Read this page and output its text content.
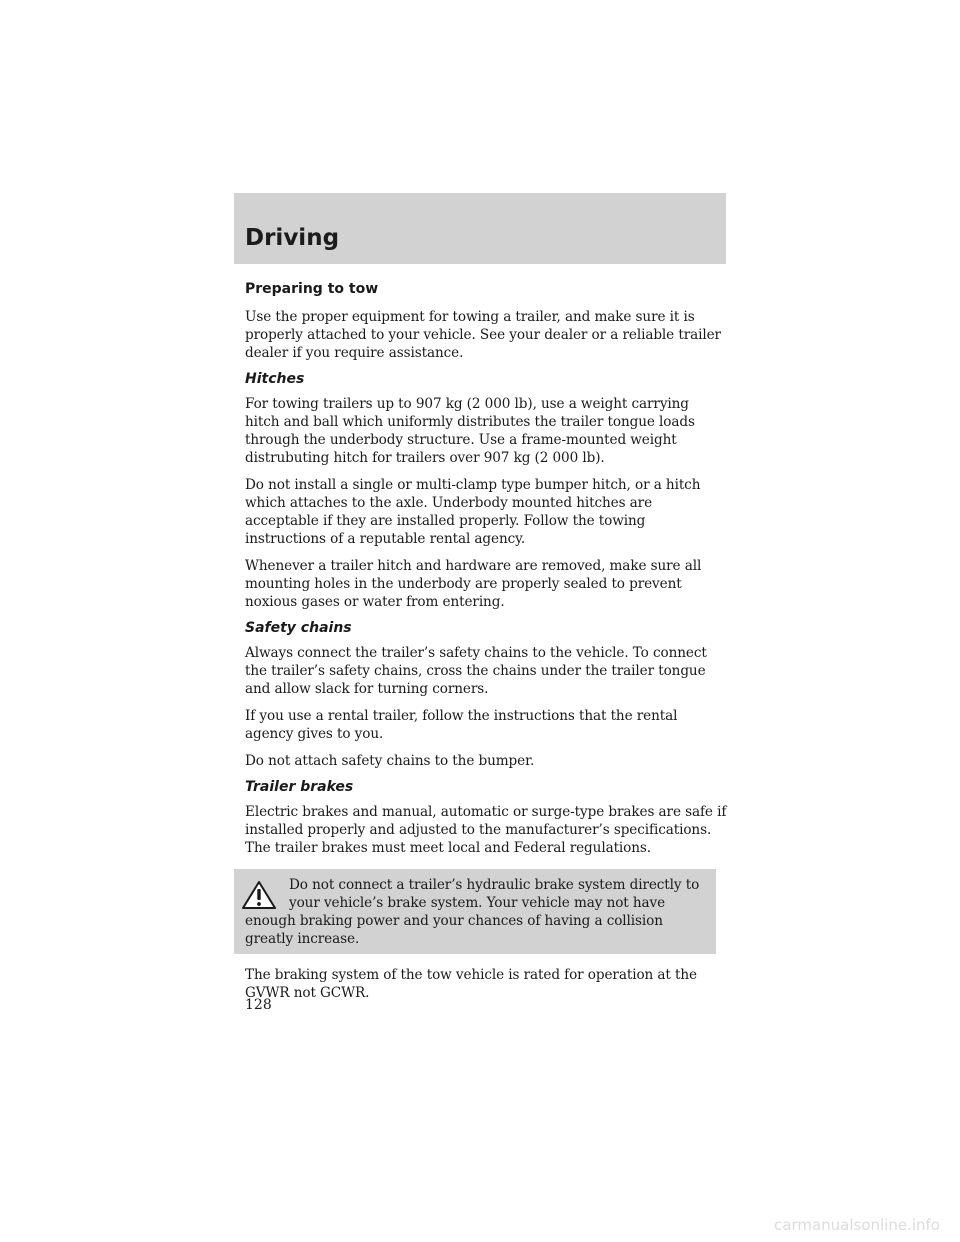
Driving
Preparing to tow

Use the proper equipment for towing a trailer, and make sure it is properly attached to your vehicle. See your dealer or a reliable trailer dealer if you require assistance.

Hitches

For towing trailers up to 907 kg (2 000 lb), use a weight carrying hitch and ball which uniformly distributes the trailer tongue loads through the underbody structure. Use a frame-mounted weight distrubuting hitch for trailers over 907 kg (2 000 lb).

Do not install a single or multi-clamp type bumper hitch, or a hitch which attaches to the axle. Underbody mounted hitches are acceptable if they are installed properly. Follow the towing instructions of a reputable rental agency.

Whenever a trailer hitch and hardware are removed, make sure all mounting holes in the underbody are properly sealed to prevent noxious gases or water from entering.

Safety chains

Always connect the trailer’s safety chains to the vehicle. To connect the trailer’s safety chains, cross the chains under the trailer tongue and allow slack for turning corners.

If you use a rental trailer, follow the instructions that the rental agency gives to you.

Do not attach safety chains to the bumper.

Trailer brakes

Electric brakes and manual, automatic or surge-type brakes are safe if installed properly and adjusted to the manufacturer’s specifications. The trailer brakes must meet local and Federal regulations.

Do not connect a trailer’s hydraulic brake system directly to your vehicle’s brake system. Your vehicle may not have enough braking power and your chances of having a collision greatly increase.

The braking system of the tow vehicle is rated for operation at the GVWR not GCWR.

128
carmanualsonline.info
